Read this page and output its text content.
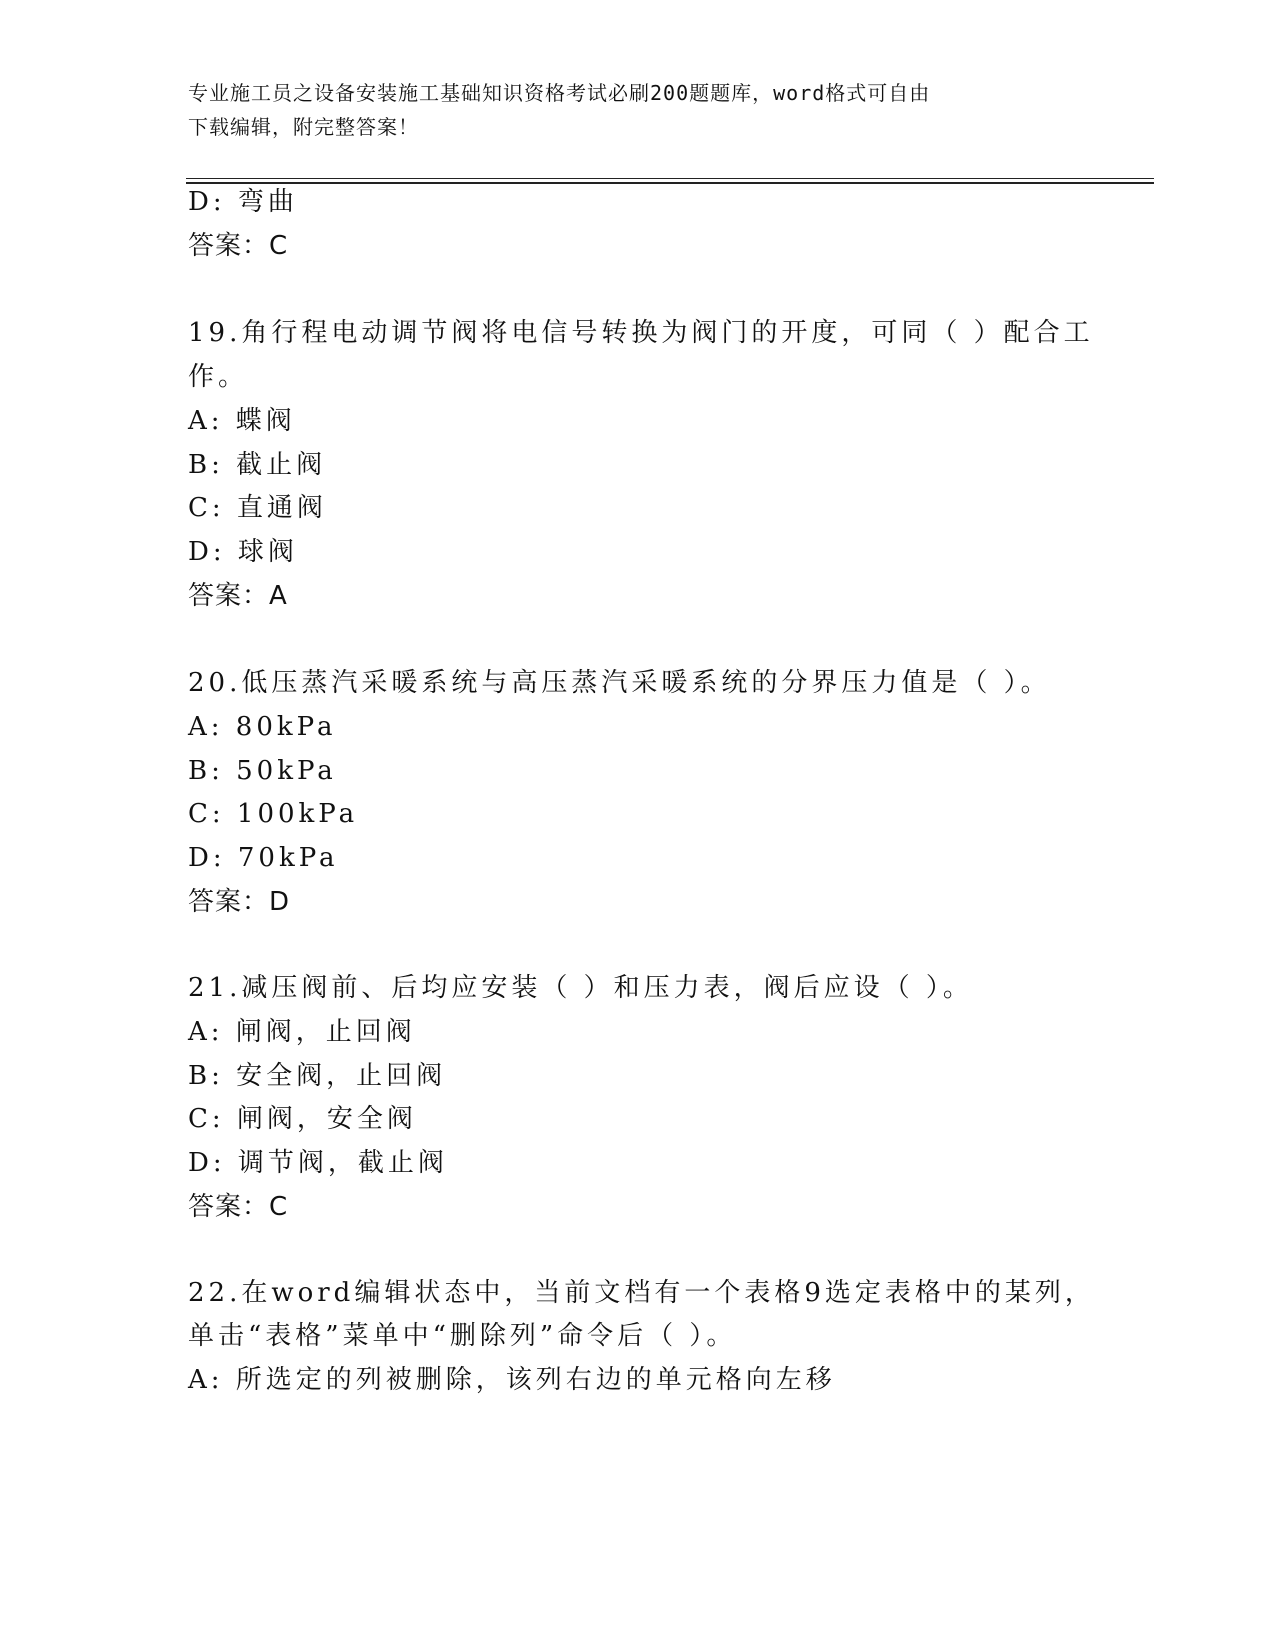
专业施工员之设备安装施工基础知识资格考试必刷200题题库，word格式可自由
下载编辑，附完整答案！
D: 弯曲
答案：C
19.角行程电动调节阀将电信号转换为阀门的开度，可同（ ）配合工
作。
A: 蝶阀
B: 截止阀
C: 直通阀
D: 球阀
答案：A
20.低压蒸汽采暖系统与高压蒸汽采暖系统的分界压力值是（ ）。
A: 80kPa
B: 50kPa
C: 100kPa
D: 70kPa
答案：D
21.减压阀前、后均应安装（ ）和压力表，阀后应设（ ）。
A: 闸阀，止回阀
B: 安全阀，止回阀
C: 闸阀，安全阀
D: 调节阀，截止阀
答案：C
22.在word编辑状态中，当前文档有一个表格9选定表格中的某列，
单击“表格”菜单中“删除列”命令后（ ）。
A: 所选定的列被删除，该列右边的单元格向左移
